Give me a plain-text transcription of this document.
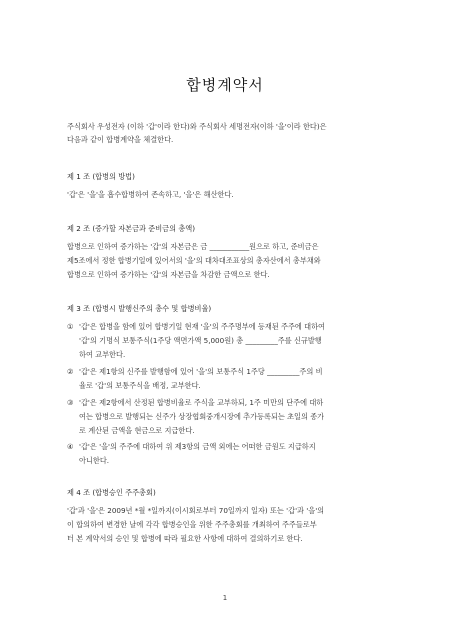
합병계약서
주식회사 우성전자 (이하 '갑'이라 한다)와 주식회사 세명전자(이하 '을'이라 한다)은
다음과 같이 합병계약을 체결한다.
제 1 조 (합병의 방법)
'갑'은 '을'을 흡수합병하여 존속하고, '을'은 해산한다.
제 2 조 (증가할 자본금과 준비금의 총액)
합병으로 인하여 증가하는 '갑'의 자본금은 금 ___________원으로 하고, 준비금은
제5조에서 정한 합병기일에 있어서의 '을'의 대차대조표상의 총자산에서 총부채와
합병으로 인하여 증가하는 '갑'의 자본금을 차감한 금액으로 한다.
제 3 조 (합병시 발행신주의 총수 및 합병비율)
① '갑'은 합병을 함에 있어 합병기일 현재 '을'의 주주명부에 등재된 주주에 대하여
'갑'의 기명식 보통주식(1주당 액면가액 5,000원) 총 _________주를 신규발행
하여 교부한다.
② '갑'은 제1항의 신주를 발행함에 있어 '을'의 보통주식 1주당 _________주의 비
율로 '갑'의 보통주식을 배정, 교부한다.
③ '갑'은 제2항에서 산정된 합병비율로 주식을 교부하되, 1주 미만의 단주에 대하
여는 합병으로 발행되는 신주가 상장협회중개시장에 추가등록되는 초일의 종가
로 계산된 금액을 현금으로 지급한다.
④ '갑'은 '을'의 주주에 대하여 위 제3항의 금액 외에는 어떠한 금원도 지급하지
아니한다.
제 4 조 (합병승인 주주총회)
'갑'과 '을'은 2009년 *월 *일까지(이시회로부터 70일까지 일자) 또는 '갑'과 '을'의
이 합의하여 변경한 날에 각각 합병승인을 위한 주주총회를 개최하여 주주들로부
터 본 계약서의 승인 및 합병에 따라 필요한 사항에 대하여 결의하기로 한다.
1
